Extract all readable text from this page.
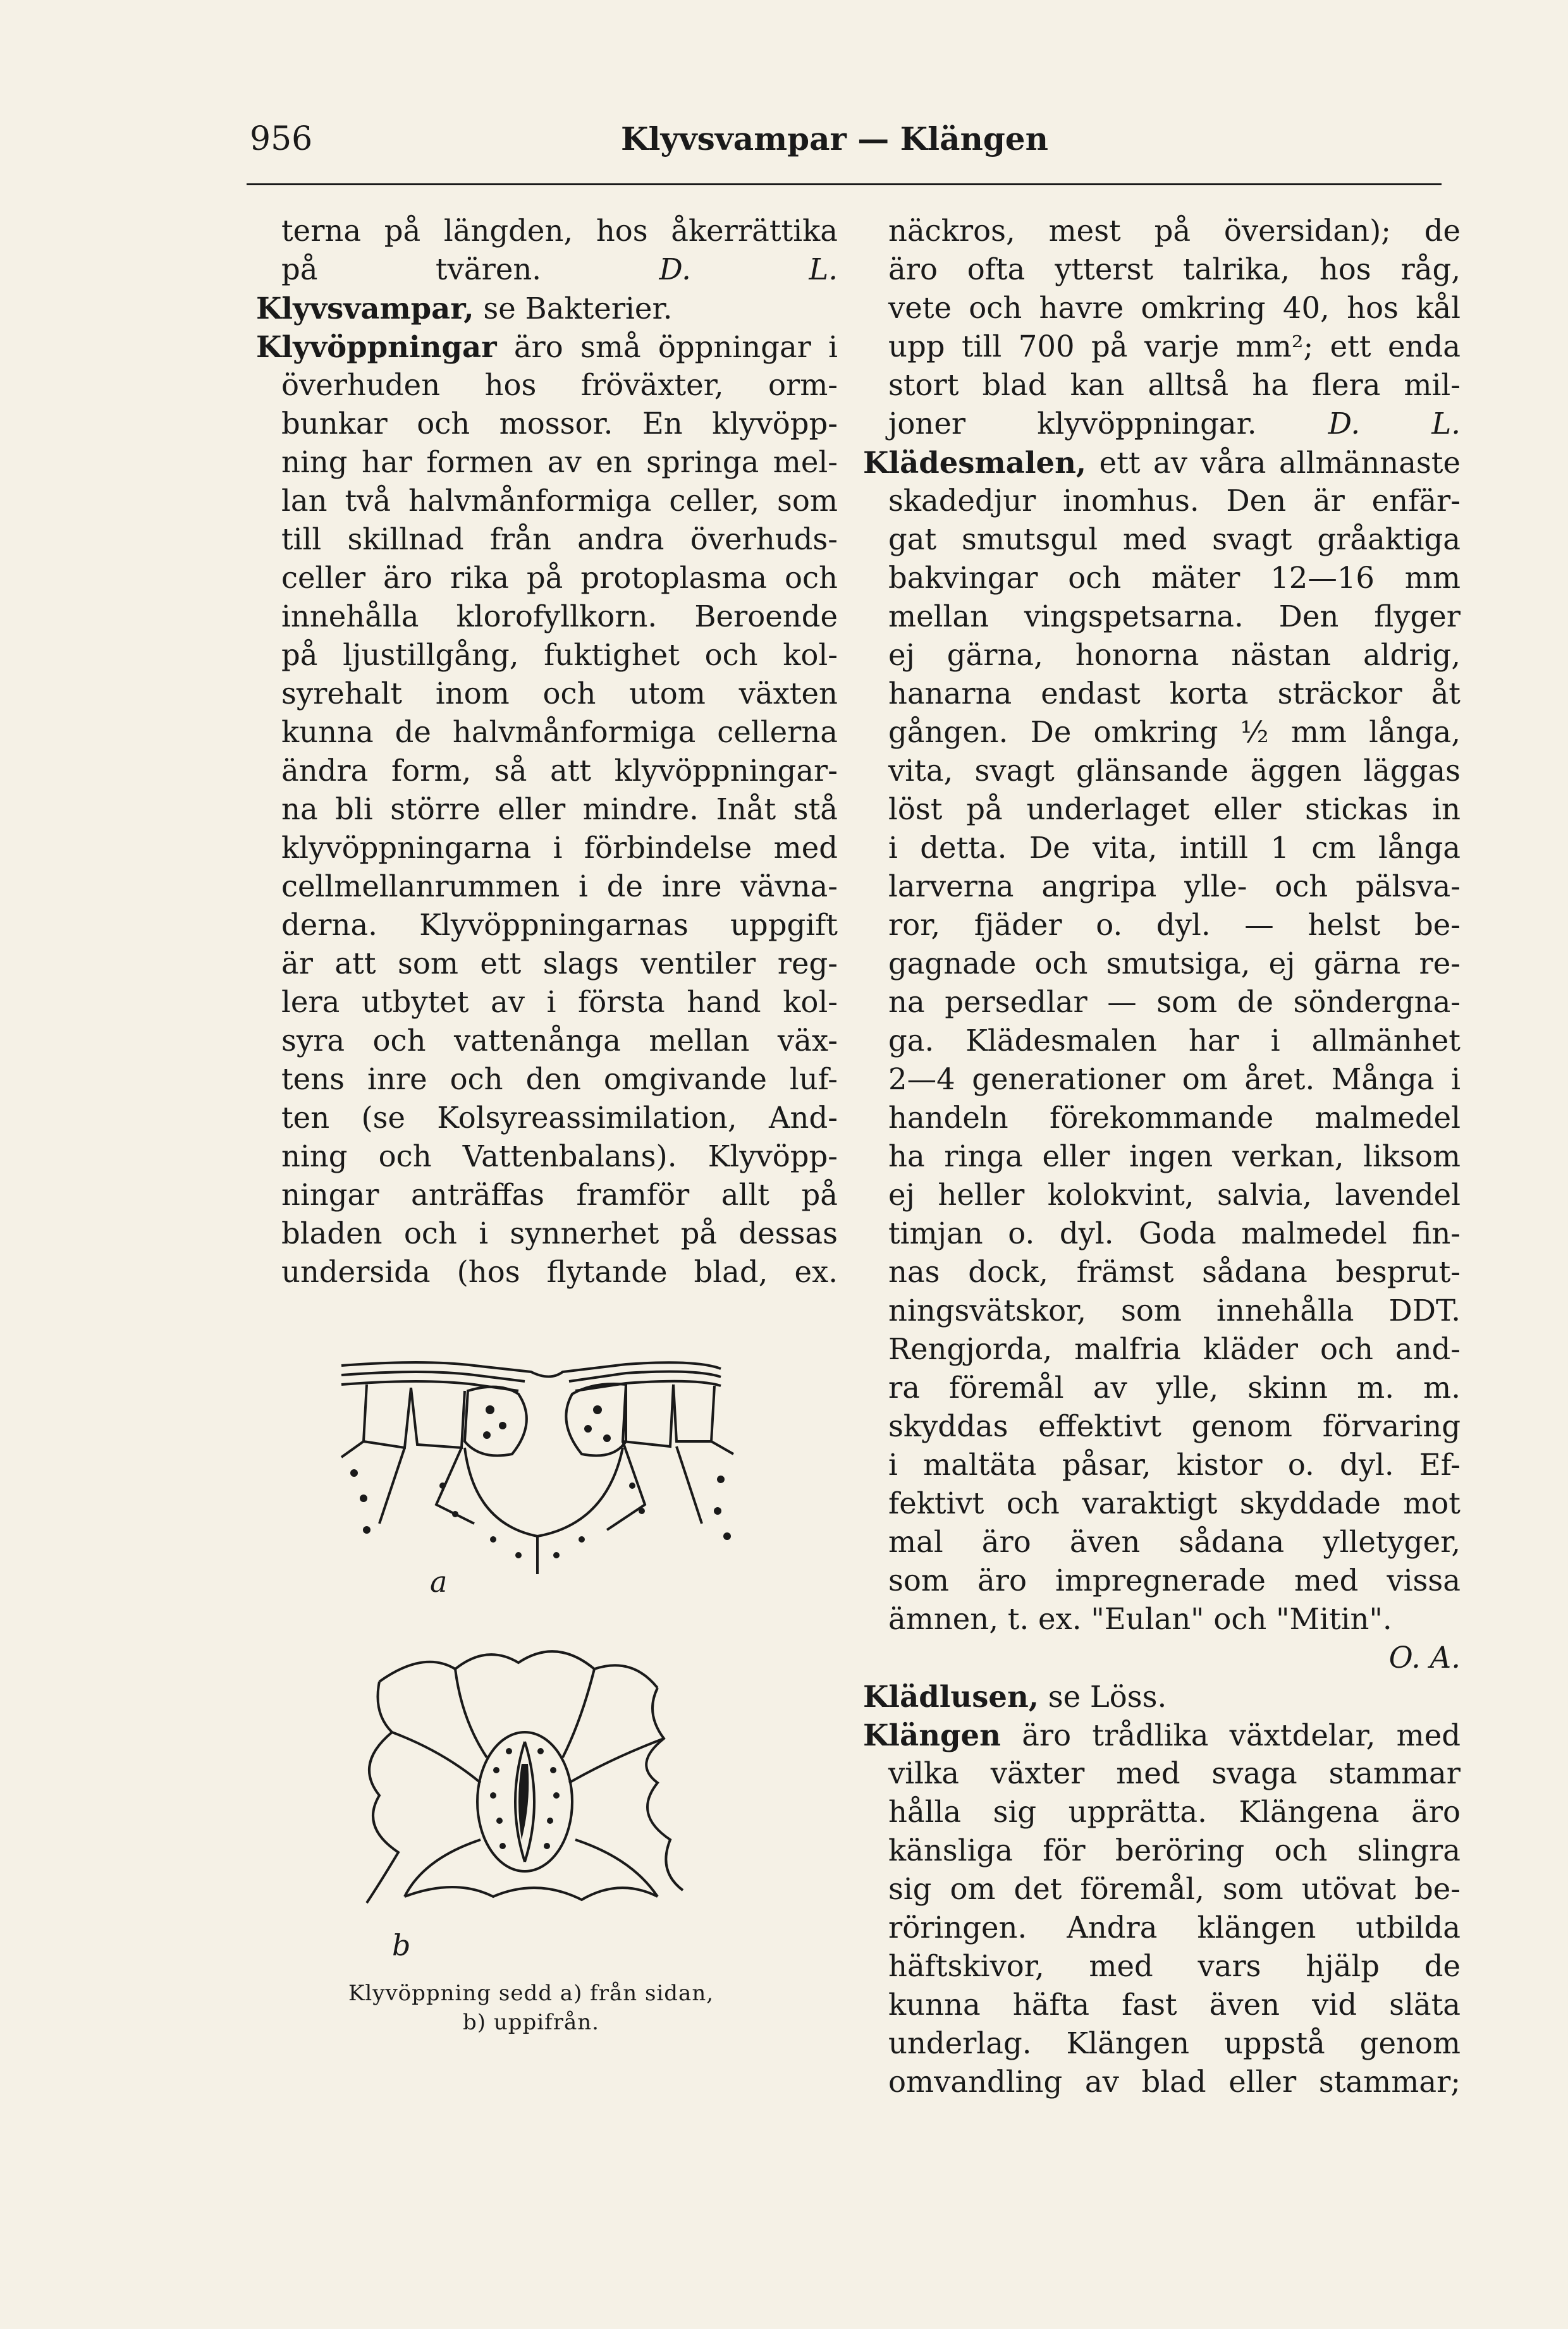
956	Klyvsvampar — Klängen
terna på längden, hos åkerrättika
på tvären.	D. L.
Klyvsvampar, se Bakterier.
Klyvöppningar äro små öppningar i
överhuden hos fröväxter, orm-
bunkar och mossor. En klyvöpp-
ning har formen av en springa mel-
lan två halvmånformiga celler, som
till skillnad från andra överhuds-
celler äro rika på protoplasma och
innehålla klorofyllkorn. Beroende
på ljustillgång, fuktighet och kol-
syrehalt inom och utom växten
kunna de halvmånformiga cellerna
ändra form, så att klyvöppningar-
na bli större eller mindre. Inåt stå
klyvöppningarna i förbindelse med
cellmellanrummen i de inre vävna-
derna. Klyvöppningarnas uppgift
är att som ett slags ventiler reg-
lera utbytet av i första hand kol-
syra och vattenånga mellan väx-
tens inre och den omgivande luf-
ten (se Kolsyreassimilation, And-
ning och Vattenbalans). Klyvöpp-
ningar anträffas framför allt på
bladen och i synnerhet på dessas
undersida (hos flytande blad, ex.
a
b
Klyvöppning sedd a) från sidan,
b) uppifrån.
näckros, mest på översidan); de
äro ofta ytterst talrika, hos råg,
vete och havre omkring 40, hos kål
upp till 700 på varje mm²; ett enda
stort blad kan alltså ha flera mil-
joner klyvöppningar. D. L.
Klädesmalen, ett av våra allmännaste
skadedjur inomhus. Den är enfär-
gat smutsgul med svagt gråaktiga
bakvingar och mäter 12—16 mm
mellan vingspetsarna. Den flyger
ej gärna, honorna nästan aldrig,
hanarna endast korta sträckor åt
gången. De omkring ½ mm långa,
vita, svagt glänsande äggen läggas
löst på underlaget eller stickas in
i detta. De vita, intill 1 cm långa
larverna angripa ylle- och pälsva-
ror, fjäder o. dyl. — helst be-
gagnade och smutsiga, ej gärna re-
na persedlar — som de söndergna-
ga. Klädesmalen har i allmänhet
2—4 generationer om året. Många i
handeln förekommande malmedel
ha ringa eller ingen verkan, liksom
ej heller kolokvint, salvia, lavendel
timjan o. dyl. Goda malmedel fin-
nas dock, främst sådana besprut-
ningsvätskor, som innehålla DDT.
Rengjorda, malfria kläder och and-
ra föremål av ylle, skinn m. m.
skyddas effektivt genom förvaring
i maltäta påsar, kistor o. dyl. Ef-
fektivt och varaktigt skyddade mot
mal äro även sådana ylletyger,
som äro impregnerade med vissa
ämnen, t. ex. "Eulan" och "Mitin".
O. A.
Klädlusen, se Löss.
Klängen äro trådlika växtdelar, med
vilka växter med svaga stammar
hålla sig upprätta. Klängena äro
känsliga för beröring och slingra
sig om det föremål, som utövat be-
röringen. Andra klängen utbilda
häftskivor, med vars hjälp de
kunna häfta fast även vid släta
underlag. Klängen uppstå genom
omvandling av blad eller stammar;
